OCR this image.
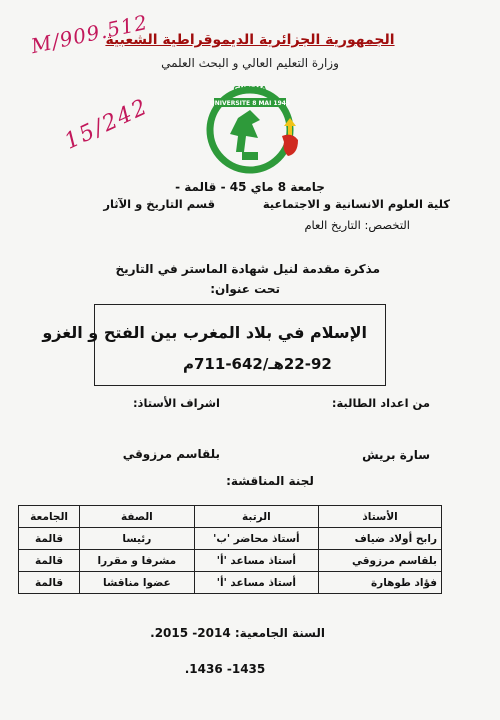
الجمهورية الجزائرية الديموقراطية الشعبية
وزارة التعليم العالي و البحث العلمي
M/909.512
15/242	UNIVERSITE 8 MAI 1945
GUELMA
جامعة 8 ماي 45 - قالمة -
كلية العلوم الانسانية و الاجتماعية
قسم التاريخ و الآثار
التخصص: التاريخ العام
مذكرة مقدمة لنيل شهادة الماستر في التاريخ
تحت عنوان:
الإسلام في بلاد المغرب بين الفتح و الغزو
22-92هـ/642-711م
من اعداد الطالبة:
اشراف الأستاذ:
سارة بريش
بلقاسم مرزوقي
لجنة المناقشة:
الأستاذ	الرتبة	الصفة	الجامعة
رابح أولاد ضياف	أستاذ محاضر 'ب'	رئيسا	قالمة
بلقاسم مرزوقي	أستاذ مساعد 'أ'	مشرفا و مقررا	قالمة
فؤاد طوهارة	أستاذ مساعد 'أ'	عضوا مناقشا	قالمة
السنة الجامعية: 2014- 2015.
.1436 -1435
